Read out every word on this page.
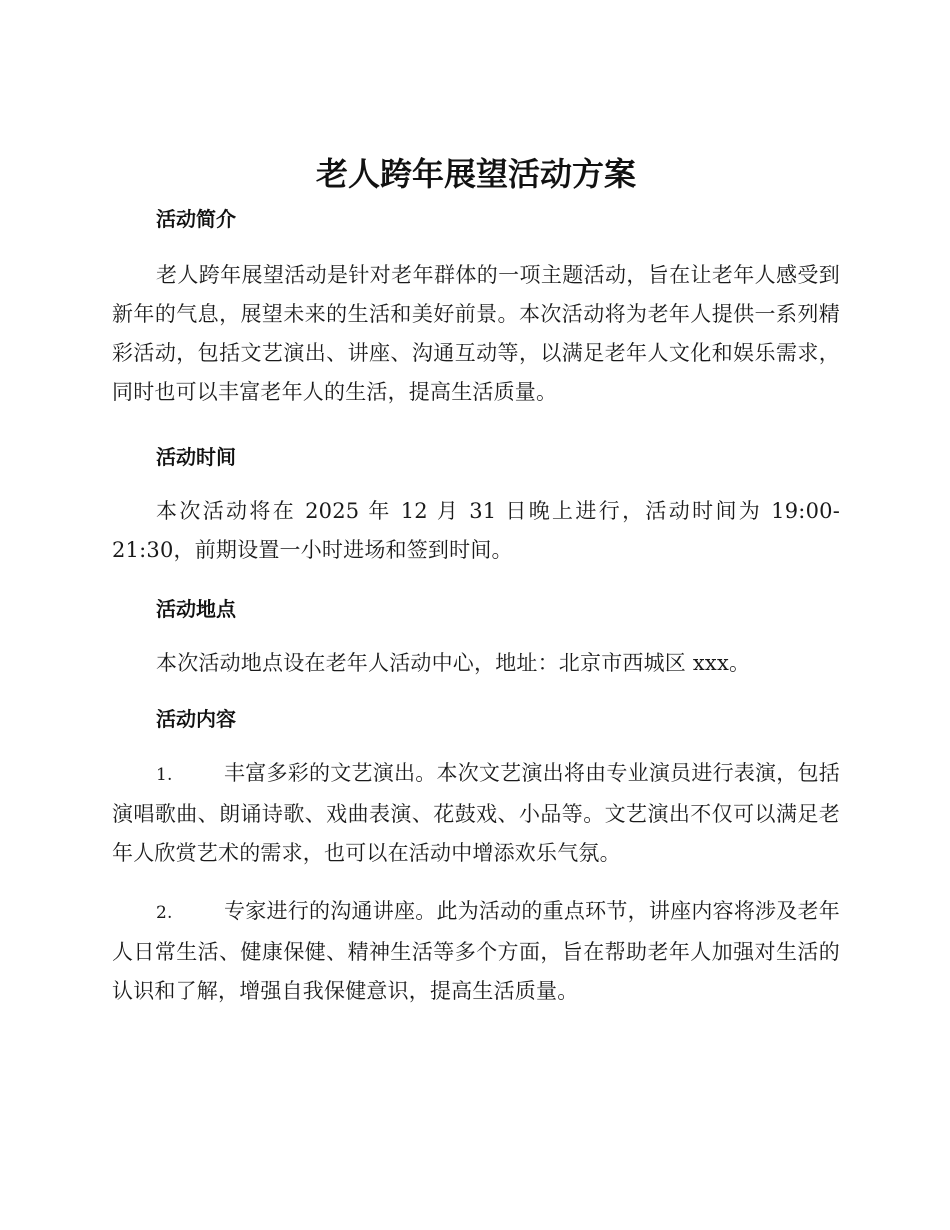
老人跨年展望活动方案
活动简介

老人跨年展望活动是针对老年群体的一项主题活动，旨在让老年人感受到新年的气息，展望未来的生活和美好前景。本次活动将为老年人提供一系列精彩活动，包括文艺演出、讲座、沟通互动等，以满足老年人文化和娱乐需求，同时也可以丰富老年人的生活，提高生活质量。

活动时间

本次活动将在 2025 年 12 月 31 日晚上进行，活动时间为 19:00-21:30，前期设置一小时进场和签到时间。

活动地点

本次活动地点设在老年人活动中心，地址：北京市西城区 xxx。

活动内容

1. 丰富多彩的文艺演出。本次文艺演出将由专业演员进行表演，包括演唱歌曲、朗诵诗歌、戏曲表演、花鼓戏、小品等。文艺演出不仅可以满足老年人欣赏艺术的需求，也可以在活动中增添欢乐气氛。

2. 专家进行的沟通讲座。此为活动的重点环节，讲座内容将涉及老年人日常生活、健康保健、精神生活等多个方面，旨在帮助老年人加强对生活的认识和了解，增强自我保健意识，提高生活质量。
